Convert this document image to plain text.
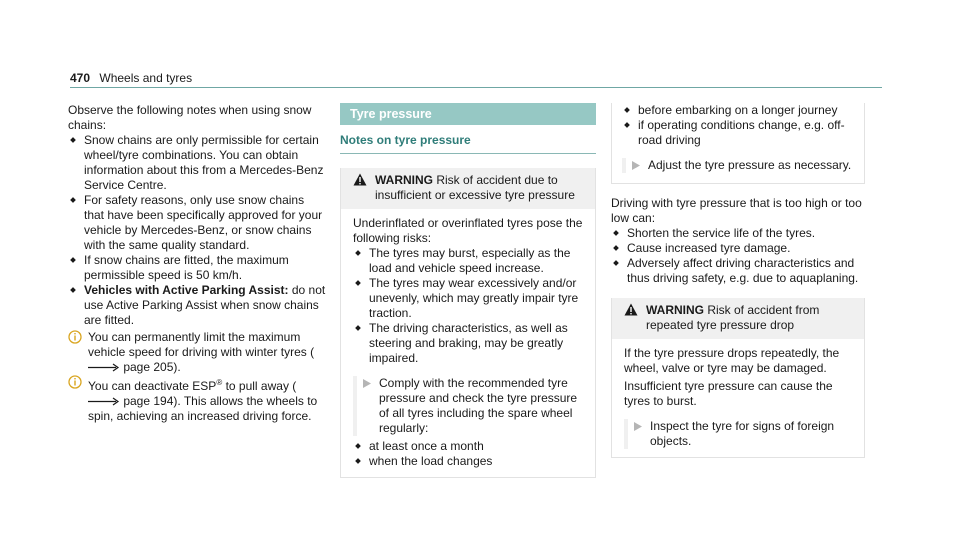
470 Wheels and tyres

Observe the following notes when using snow chains:

Snow chains are only permissible for certain wheel/tyre combinations. You can obtain information about this from a Mercedes-Benz Service Centre.
For safety reasons, only use snow chains that have been specifically approved for your vehicle by Mercedes-Benz, or snow chains with the same quality standard.
If snow chains are fitted, the maximum permissible speed is 50 km/h.
Vehicles with Active Parking Assist: do not use Active Parking Assist when snow chains are fitted.
You can permanently limit the maximum vehicle speed for driving with winter tyres ( page 205).
You can deactivate ESP® to pull away ( page 194). This allows the wheels to spin, achieving an increased driving force.
Tyre pressure
Notes on tyre pressure
WARNING Risk of accident due to insufficient or excessive tyre pressure

Underinflated or overinflated tyres pose the following risks:

The tyres may burst, especially as the load and vehicle speed increase.
The tyres may wear excessively and/or unevenly, which may greatly impair tyre traction.
The driving characteristics, as well as steering and braking, may be greatly impaired.
Comply with the recommended tyre pressure and check the tyre pressure of all tyres including the spare wheel regularly:
at least once a month
when the load changes
before embarking on a longer journey
if operating conditions change, e.g. off-road driving
Adjust the tyre pressure as necessary.

Driving with tyre pressure that is too high or too low can:

Shorten the service life of the tyres.
Cause increased tyre damage.
Adversely affect driving characteristics and thus driving safety, e.g. due to aquaplaning.
WARNING Risk of accident from repeated tyre pressure drop

If the tyre pressure drops repeatedly, the wheel, valve or tyre may be damaged.

Insufficient tyre pressure can cause the tyres to burst.

Inspect the tyre for signs of foreign objects.
